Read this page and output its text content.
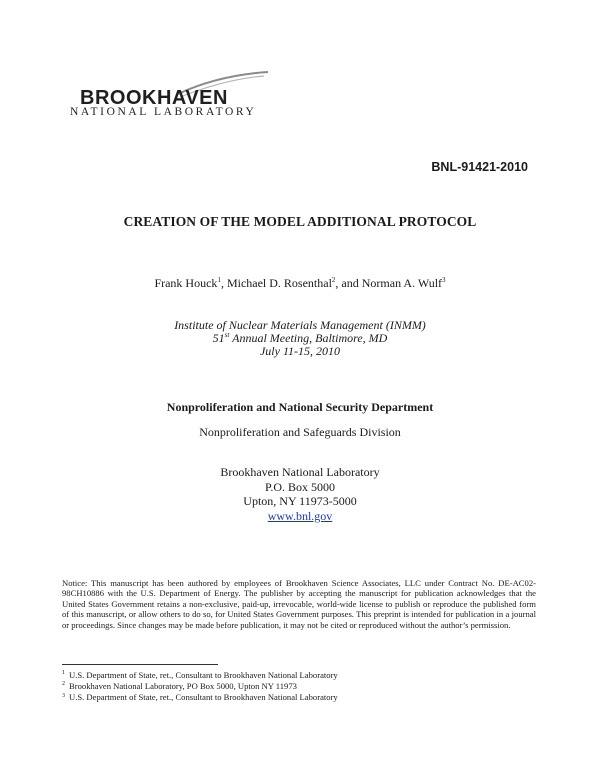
BROOKHAVEN
NATIONAL LABORATORY
BNL-91421-2010
CREATION OF THE MODEL ADDITIONAL PROTOCOL
Frank Houck$^1$, Michael D. Rosenthal$^2$, and Norman A. Wulf$^3$
Institute of Nuclear Materials Management (INMM)
51st Annual Meeting, Baltimore, MD
July 11-15, 2010
Nonproliferation and National Security Department
Nonproliferation and Safeguards Division
Brookhaven National Laboratory
P.O. Box 5000
Upton, NY 11973-5000
www.bnl.gov
Notice: This manuscript has been authored by employees of Brookhaven Science Associates, LLC under Contract No. DE-AC02-98CH10886 with the U.S. Department of Energy. The publisher by accepting the manuscript for publication acknowledges that the United States Government retains a non-exclusive, paid-up, irrevocable, world-wide license to publish or reproduce the published form of this manuscript, or allow others to do so, for United States Government purposes. This preprint is intended for publication in a journal or proceedings. Since changes may be made before publication, it may not be cited or reproduced without the author’s permission.
$^1$ U.S. Department of State, ret., Consultant to Brookhaven National Laboratory
$^2$ Brookhaven National Laboratory, PO Box 5000, Upton NY 11973
$^3$ U.S. Department of State, ret., Consultant to Brookhaven National Laboratory
